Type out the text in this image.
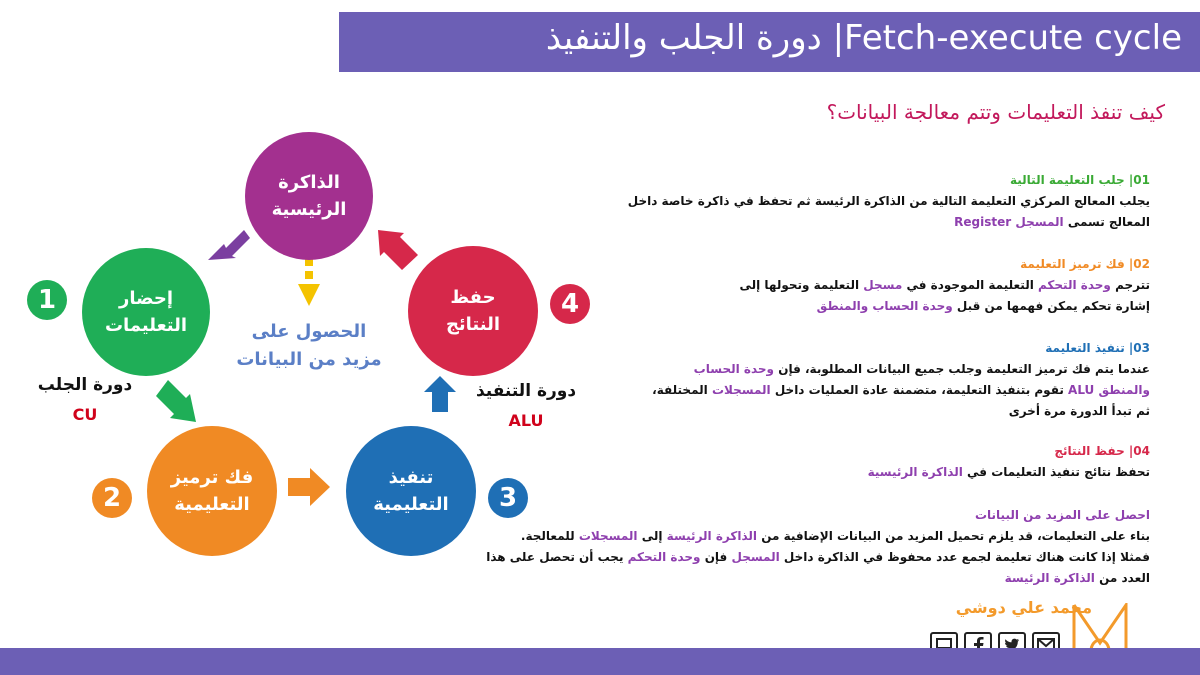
دورة الجلب والتنفيذ |Fetch-execute cycle
كيف تنفذ التعليمات وتتم معالجة البيانات؟
01| جلب التعليمة التالية
يجلب المعالج المركزي التعليمة التالية من الذاكرة الرئيسة ثم تحفظ في ذاكرة خاصة داخل
المعالج تسمى المسجل Register
02| فك ترميز التعليمة
تترجم وحدة التحكم التعليمة الموجودة في مسجل التعليمة وتحولها إلى
إشارة تحكم يمكن فهمها من قبل وحدة الحساب والمنطق
03| تنفيذ التعليمة
عندما يتم فك ترميز التعليمة وجلب جميع البيانات المطلوبة، فإن وحدة الحساب
والمنطق ALU تقوم بتنفيذ التعليمة، متضمنة عادة العمليات داخل المسجلات المختلفة،
ثم تبدأ الدورة مرة أخرى
04| حفظ النتائج
تحفظ نتائج تنفيذ التعليمات في الذاكرة الرئيسية
احصل على المزيد من البيانات
بناء على التعليمات، قد يلزم تحميل المزيد من البيانات الإضافية من الذاكرة الرئيسة إلى المسجلات للمعالجة.
فمثلا إذا كانت هناك تعليمة لجمع عدد محفوظ في الذاكرة داخل المسجل فإن وحدة التحكم يجب أن تحصل على هذا
العدد من الذاكرة الرئيسة
الذاكرة الرئيسية
إحضار التعليمات
حفظ النتائج
فك ترميز التعليمية
تنفيذ التعليمية
1
2	3
4
دورة الجلب
CU
دورة التنفيذ
ALU
الحصول على
مزيد من البيانات
محمد علي دوشي
